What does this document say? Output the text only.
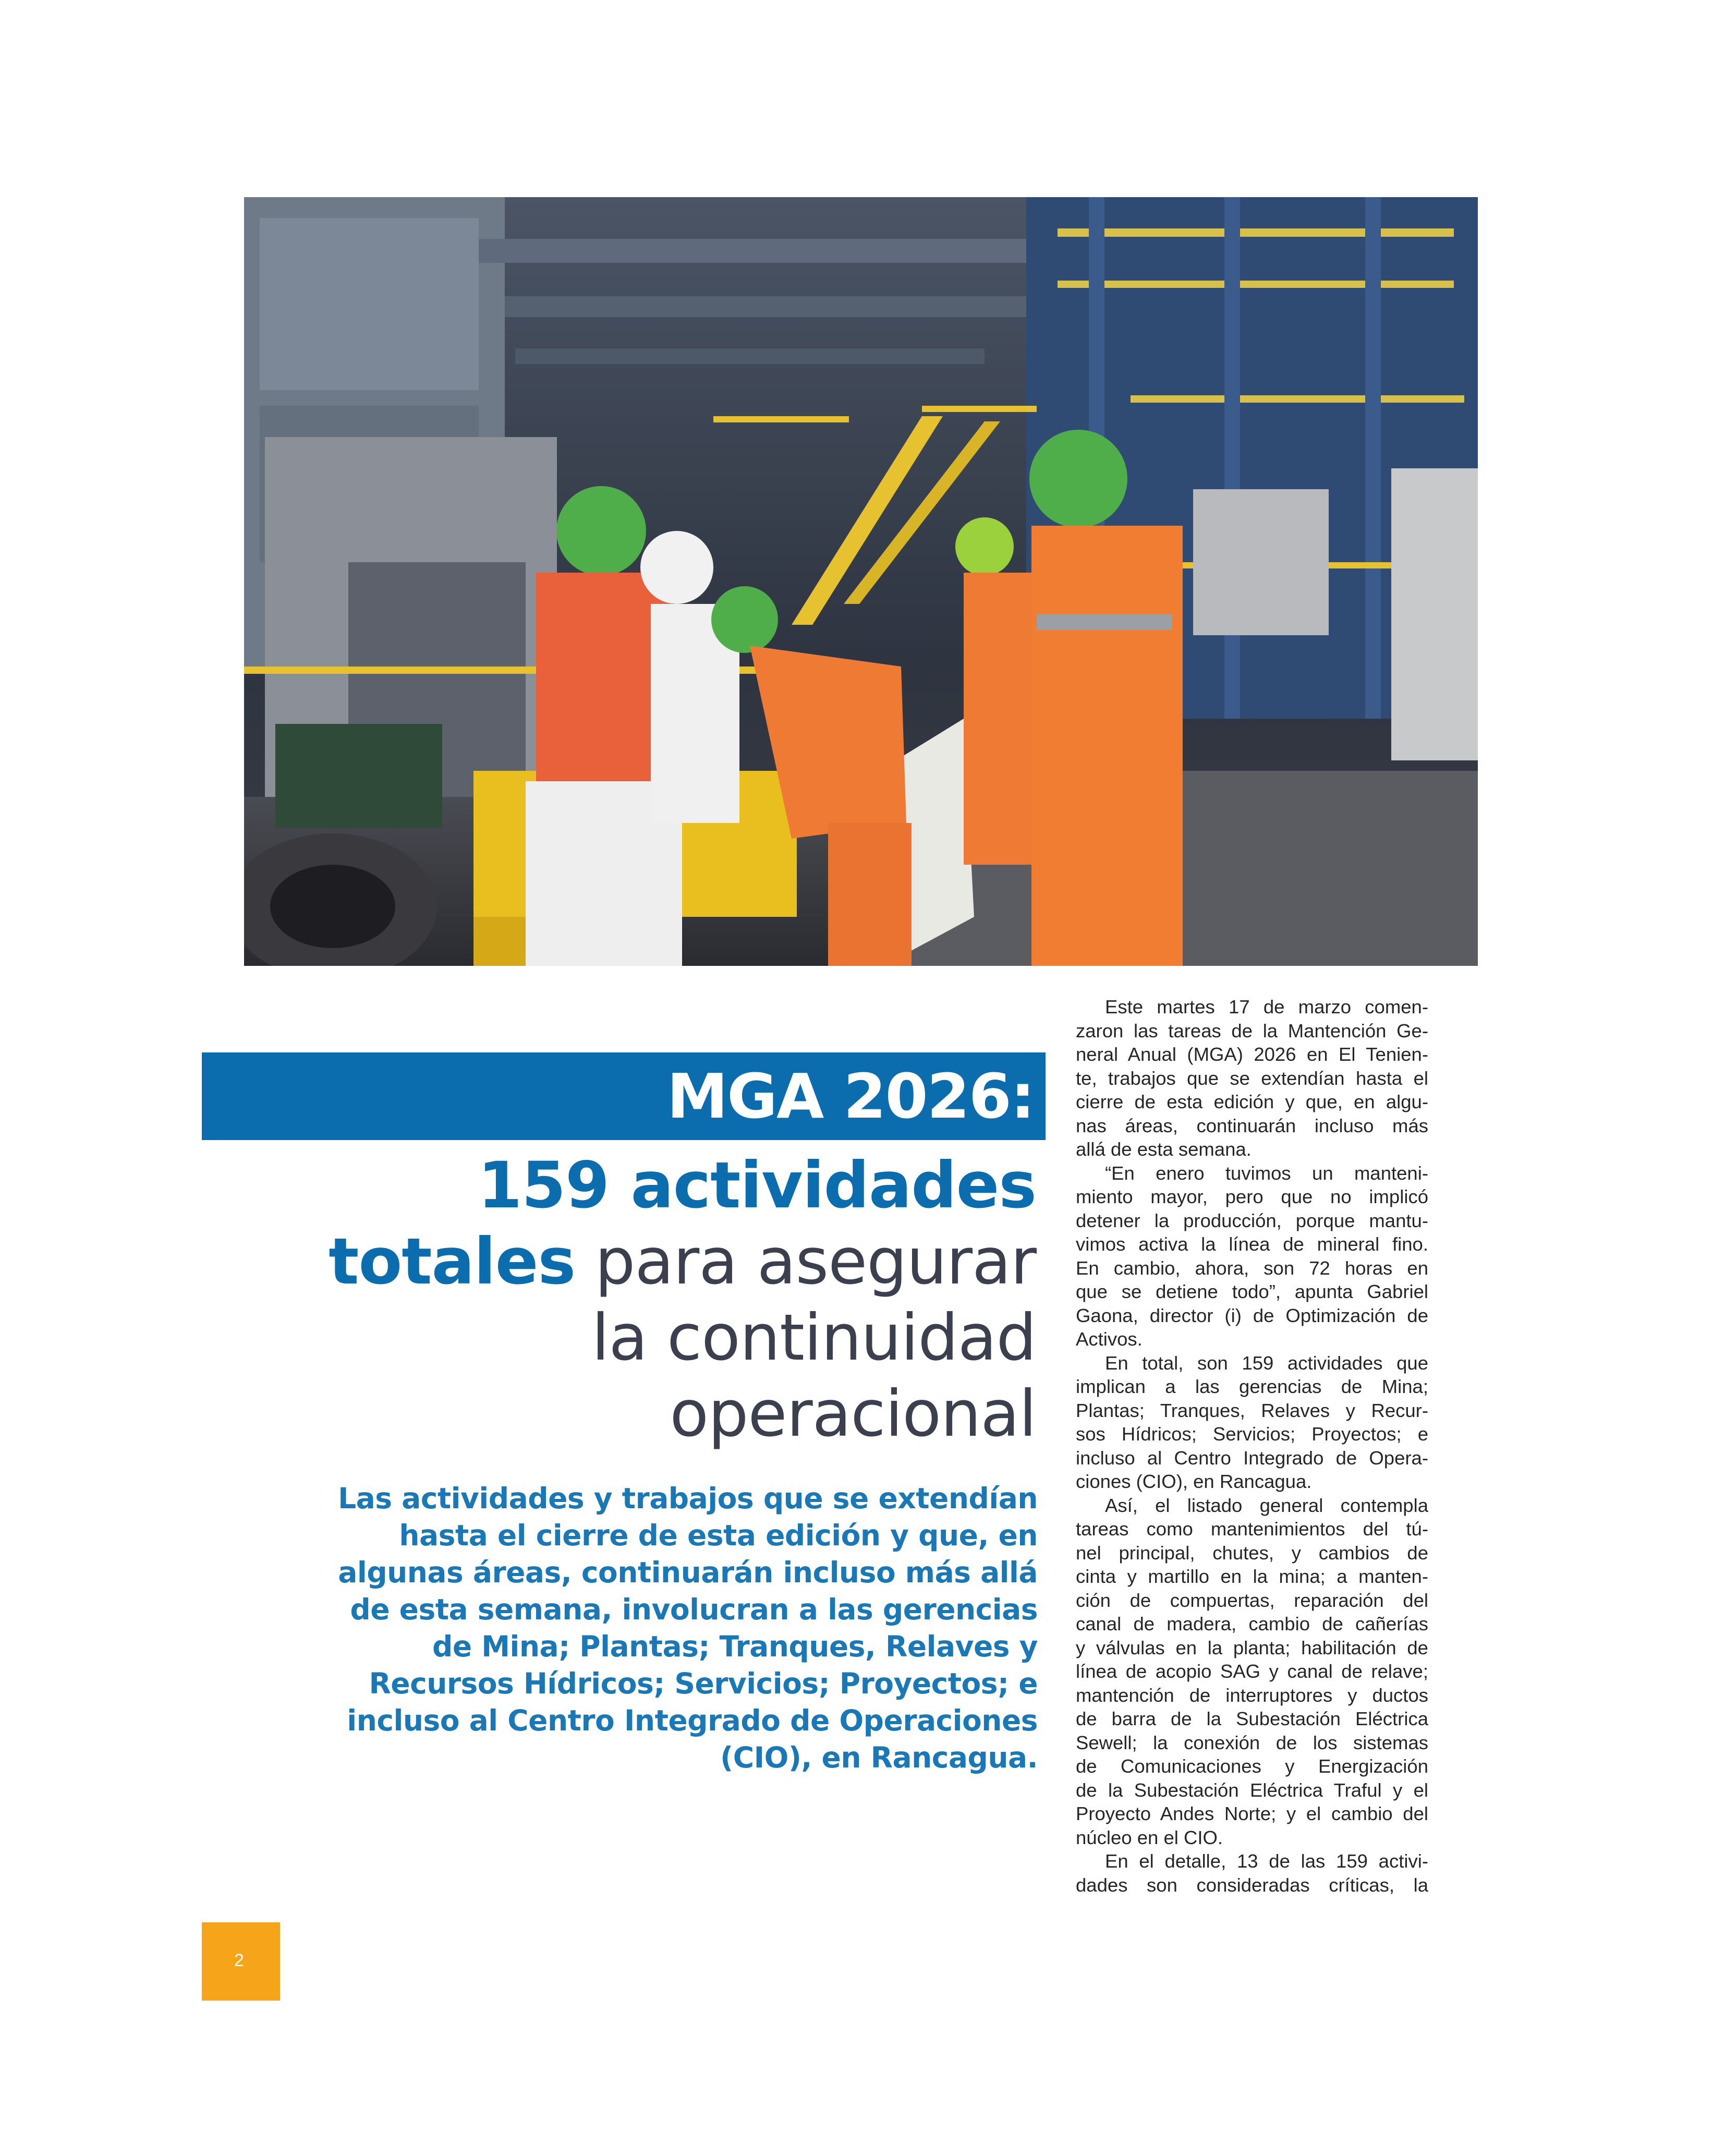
MGA 2026:
159 actividades
totales para asegurar
la continuidad
operacional
Las actividades y trabajos que se extendían
hasta el cierre de esta edición y que, en
algunas áreas, continuarán incluso más allá
de esta semana, involucran a las gerencias
de Mina; Plantas; Tranques, Relaves y
Recursos Hídricos; Servicios; Proyectos; e
incluso al Centro Integrado de Operaciones
(CIO), en Rancagua.

Este martes 17 de marzo comen-
zaron las tareas de la Mantención Ge-
neral Anual (MGA) 2026 en El Tenien-
te, trabajos que se extendían hasta el
cierre de esta edición y que, en algu-
nas áreas, continuarán incluso más
allá de esta semana.

“En enero tuvimos un manteni-
miento mayor, pero que no implicó
detener la producción, porque mantu-
vimos activa la línea de mineral fino.
En cambio, ahora, son 72 horas en
que se detiene todo”, apunta Gabriel
Gaona, director (i) de Optimización de
Activos.

En total, son 159 actividades que
implican a las gerencias de Mina;
Plantas; Tranques, Relaves y Recur-
sos Hídricos; Servicios; Proyectos; e
incluso al Centro Integrado de Opera-
ciones (CIO), en Rancagua.

Así, el listado general contempla
tareas como mantenimientos del tú-
nel principal, chutes, y cambios de
cinta y martillo en la mina; a manten-
ción de compuertas, reparación del
canal de madera, cambio de cañerías
y válvulas en la planta; habilitación de
línea de acopio SAG y canal de relave;
mantención de interruptores y ductos
de barra de la Subestación Eléctrica
Sewell; la conexión de los sistemas
de Comunicaciones y Energización
de la Subestación Eléctrica Traful y el
Proyecto Andes Norte; y el cambio del
núcleo en el CIO.

En el detalle, 13 de las 159 activi-
dades son consideradas críticas, la

2
